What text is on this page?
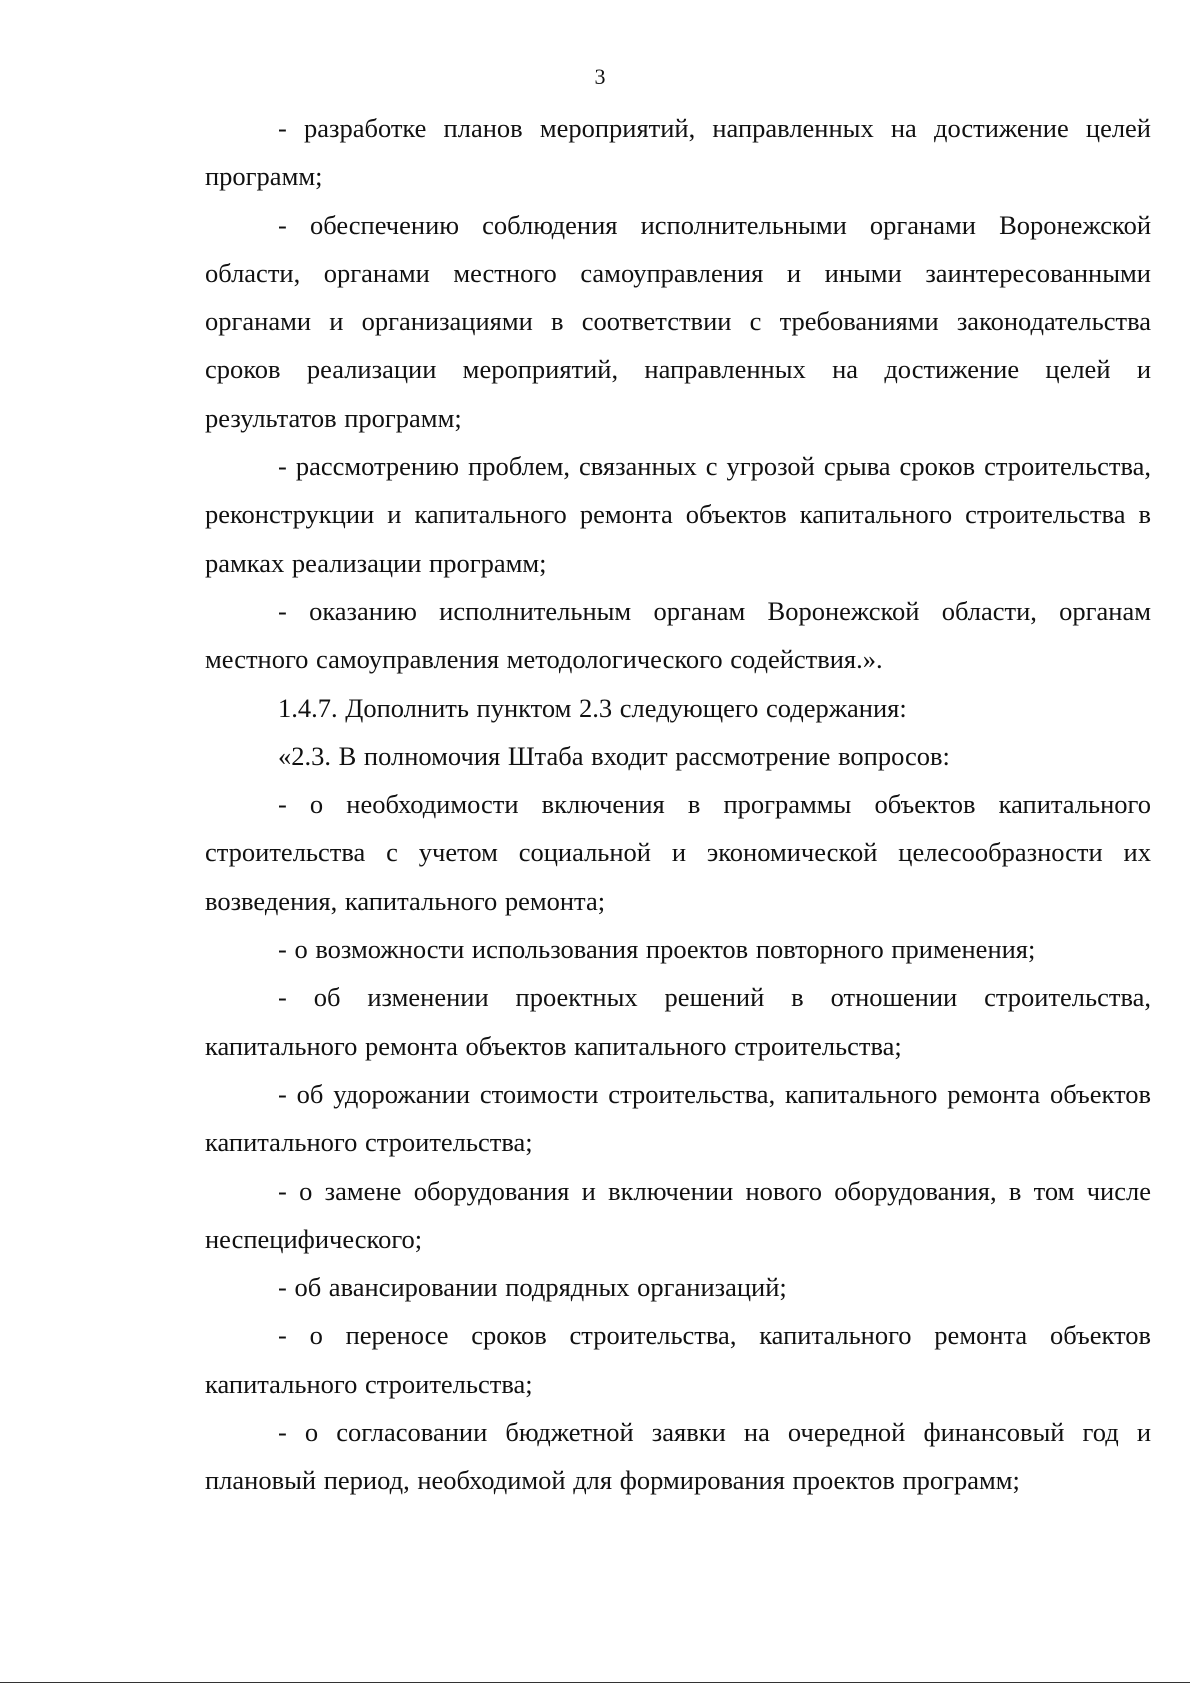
3

- разработке планов мероприятий, направленных на достижение целей программ;

- обеспечению соблюдения исполнительными органами Воронежской области, органами местного самоуправления и иными заинтересованными органами и организациями в соответствии с требованиями законодательства сроков реализации мероприятий, направленных на достижение целей и результатов программ;

- рассмотрению проблем, связанных с угрозой срыва сроков строительства, реконструкции и капитального ремонта объектов капитального строительства в рамках реализации программ;

- оказанию исполнительным органам Воронежской области, органам местного самоуправления методологического содействия.».

1.4.7. Дополнить пунктом 2.3 следующего содержания:

«2.3. В полномочия Штаба входит рассмотрение вопросов:

- о необходимости включения в программы объектов капитального строительства с учетом социальной и экономической целесообразности их возведения, капитального ремонта;

- о возможности использования проектов повторного применения;

- об изменении проектных решений в отношении строительства, капитального ремонта объектов капитального строительства;

- об удорожании стоимости строительства, капитального ремонта объектов капитального строительства;

- о замене оборудования и включении нового оборудования, в том числе неспецифического;

- об авансировании подрядных организаций;

- о переносе сроков строительства, капитального ремонта объектов капитального строительства;

- о согласовании бюджетной заявки на очередной финансовый год и плановый период, необходимой для формирования проектов программ;
